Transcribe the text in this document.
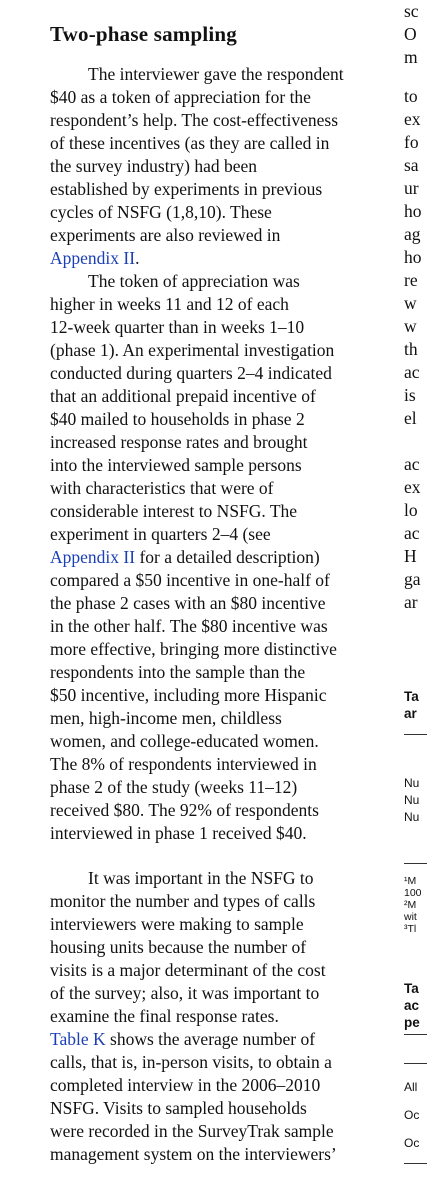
Two-phase sampling
The interviewer gave the respondent
$40 as a token of appreciation for the
respondent’s help. The cost-effectiveness
of these incentives (as they are called in
the survey industry) had been
established by experiments in previous
cycles of NSFG (1,8,10). These
experiments are also reviewed in
Appendix II.
The token of appreciation was
higher in weeks 11 and 12 of each
12-week quarter than in weeks 1–10
(phase 1). An experimental investigation
conducted during quarters 2–4 indicated
that an additional prepaid incentive of
$40 mailed to households in phase 2
increased response rates and brought
into the interviewed sample persons
with characteristics that were of
considerable interest to NSFG. The
experiment in quarters 2–4 (see
Appendix II for a detailed description)
compared a $50 incentive in one-half of
the phase 2 cases with an $80 incentive
in the other half. The $80 incentive was
more effective, bringing more distinctive
respondents into the sample than the
$50 incentive, including more Hispanic
men, high-income men, childless
women, and college-educated women.
The 8% of respondents interviewed in
phase 2 of the study (weeks 11–12)
received $80. The 92% of respondents
interviewed in phase 1 received $40.
It was important in the NSFG to
monitor the number and types of calls
interviewers were making to sample
housing units because the number of
visits is a major determinant of the cost
of the survey; also, it was important to
examine the final response rates.
Table K shows the average number of
calls, that is, in-person visits, to obtain a
completed interview in the 2006–2010
NSFG. Visits to sampled households
were recorded in the SurveyTrak sample
management system on the interviewers’
sc
O
m
to
ex
fo
sa
ur
ho
ag
ho
re
w
w
th
ac
is
el
ac
ex
lo
ac
H
ga
ar
Ta
ar
Nu
Nu
Nu
¹M
100
²M
wit
³Tl
Ta
ac
pe
All
Oc
Oc
